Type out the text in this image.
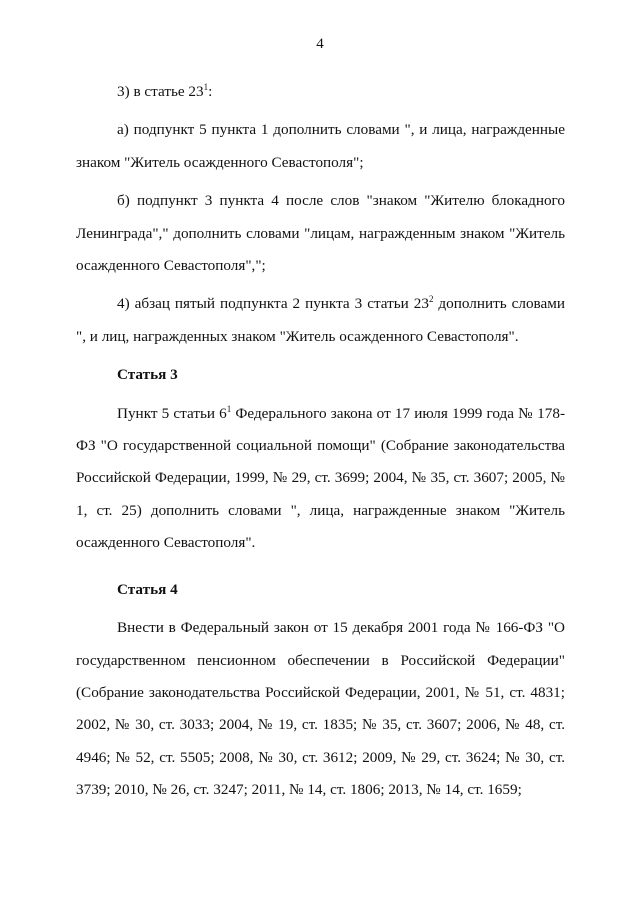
4

3) в статье $23^1$:

а) подпункт 5 пункта 1 дополнить словами ", и лица, награжденные знаком "Житель осажденного Севастополя";

б) подпункт 3 пункта 4 после слов "знаком "Жителю блокадного Ленинграда"," дополнить словами "лицам, награжденным знаком "Житель осажденного Севастополя",";

4) абзац пятый подпункта 2 пункта 3 статьи $23^2$ дополнить словами ", и лиц, награжденных знаком "Житель осажденного Севастополя".

Статья 3

Пункт 5 статьи $6^1$ Федерального закона от 17 июля 1999 года № 178-ФЗ "О государственной социальной помощи" (Собрание законодательства Российской Федерации, 1999, № 29, ст. 3699; 2004, № 35, ст. 3607; 2005, № 1, ст. 25) дополнить словами ", лица, награжденные знаком "Житель осажденного Севастополя".

Статья 4

Внести в Федеральный закон от 15 декабря 2001 года № 166-ФЗ "О государственном пенсионном обеспечении в Российской Федерации" (Собрание законодательства Российской Федерации, 2001, № 51, ст. 4831; 2002, № 30, ст. 3033; 2004, № 19, ст. 1835; № 35, ст. 3607; 2006, № 48, ст. 4946; № 52, ст. 5505; 2008, № 30, ст. 3612; 2009, № 29, ст. 3624; № 30, ст. 3739; 2010, № 26, ст. 3247; 2011, № 14, ст. 1806; 2013, № 14, ст. 1659;
